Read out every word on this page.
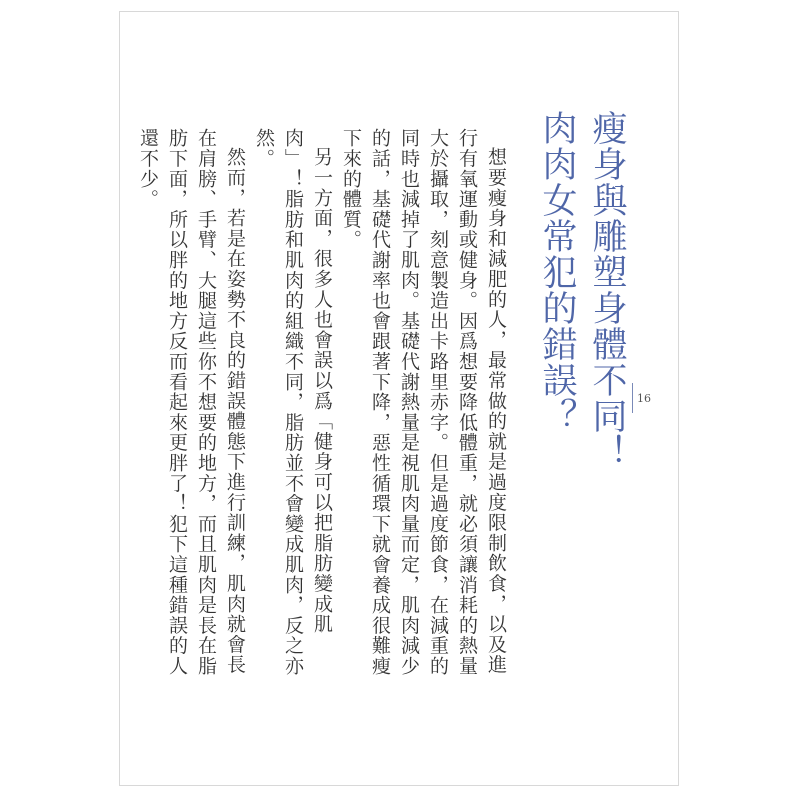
瘦身與雕塑身體不同！
肉肉女常犯的錯誤？

想要瘦身和減肥的人，最常做的就是過度限制飲食，以及進行有氧運動或健身。因爲想要降低體重，就必須讓消耗的熱量大於攝取，刻意製造出卡路里赤字。但是過度節食，在減重的同時也減掉了肌肉。基礎代謝熱量是視肌肉量而定，肌肉減少的話，基礎代謝率也會跟著下降，惡性循環下就會養成很難瘦下來的體質。

另一方面，很多人也會誤以爲「健身可以把脂肪變成肌肉」！脂肪和肌肉的組織不同，脂肪並不會變成肌肉，反之亦然。

然而，若是在姿勢不良的錯誤體態下進行訓練，肌肉就會長在肩膀、手臂、大腿這些你不想要的地方，而且肌肉是長在脂肪下面，所以胖的地方反而看起來更胖了！犯下這種錯誤的人還不少。

16
